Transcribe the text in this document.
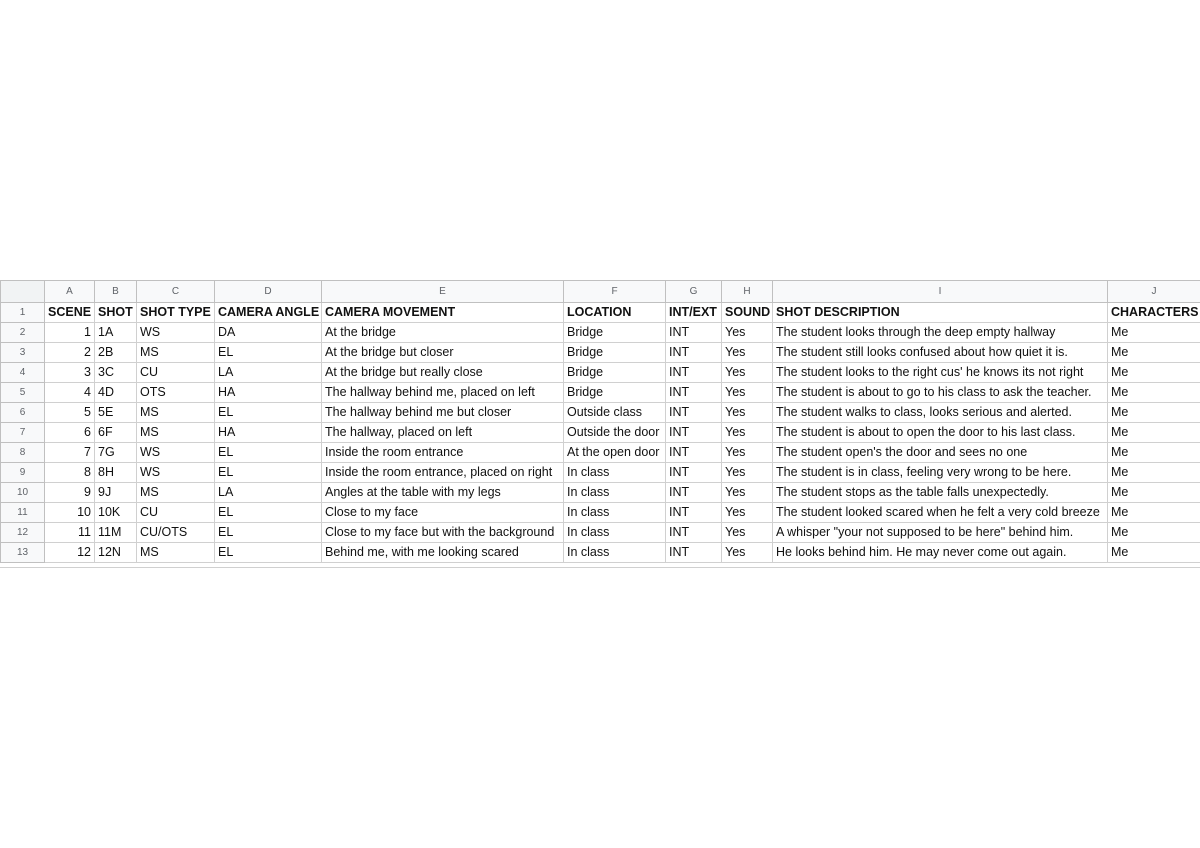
	A	B	C	D	E	F	G	H	I	J
1	SCENE	SHOT	SHOT TYPE	CAMERA ANGLE	CAMERA MOVEMENT	LOCATION	INT/EXT	SOUND	SHOT DESCRIPTION	CHARACTERS
2	1	1A	WS	DA	At the bridge	Bridge	INT	Yes	The student looks through the deep empty hallway	Me
3	2	2B	MS	EL	At the bridge but closer	Bridge	INT	Yes	The student still looks confused about how quiet it is.	Me
4	3	3C	CU	LA	At the bridge but really close	Bridge	INT	Yes	The student looks to the right cus' he knows its not right	Me
5	4	4D	OTS	HA	The hallway behind me, placed on left	Bridge	INT	Yes	The student is about to go to his class to ask the teacher.	Me
6	5	5E	MS	EL	The hallway behind me but closer	Outside class	INT	Yes	The student walks to class, looks serious and alerted.	Me
7	6	6F	MS	HA	The hallway, placed on left	Outside the door	INT	Yes	The student is about to open the door to his last class.	Me
8	7	7G	WS	EL	Inside the room entrance	At the open door	INT	Yes	The student open's the door and sees no one	Me
9	8	8H	WS	EL	Inside the room entrance, placed on right	In class	INT	Yes	The student is in class, feeling very wrong to be here.	Me
10	9	9J	MS	LA	Angles at the table with my legs	In class	INT	Yes	The student stops as the table falls unexpectedly.	Me
11	10	10K	CU	EL	Close to my face	In class	INT	Yes	The student looked scared when he felt a very cold breeze	Me
12	11	11M	CU/OTS	EL	Close to my face but with the background	In class	INT	Yes	A whisper "your not supposed to be here" behind him.	Me
13	12	12N	MS	EL	Behind me, with me looking scared	In class	INT	Yes	He looks behind him. He may never come out again.	Me
